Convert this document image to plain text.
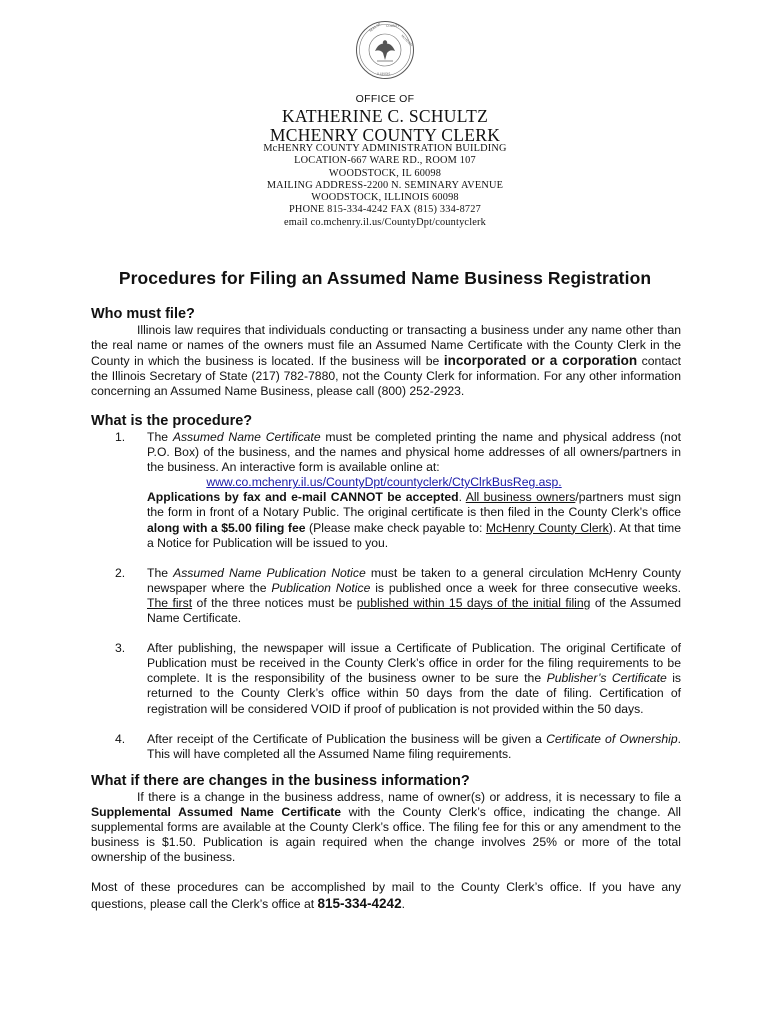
SEAL OF COUNTY
McHENRY
ILLINOIS
OFFICE OF
KATHERINE C. SCHULTZ
MCHENRY COUNTY CLERK
McHENRY COUNTY ADMINISTRATION BUILDING
LOCATION-667 WARE RD., ROOM 107
WOODSTOCK, IL 60098
MAILING ADDRESS-2200 N. SEMINARY AVENUE
WOODSTOCK, ILLINOIS 60098
PHONE 815-334-4242 FAX (815) 334-8727
email co.mchenry.il.us/CountyDpt/countyclerk
Procedures for Filing an Assumed Name Business Registration
Who must file?

Illinois law requires that individuals conducting or transacting a business under any name other than the real name or names of the owners must file an Assumed Name Certificate with the County Clerk in the County in which the business is located. If the business will be incorporated or a corporation contact the Illinois Secretary of State (217) 782-7880, not the County Clerk for information. For any other information concerning an Assumed Name Business, please call (800) 252-2923.

What is the procedure?
1. The Assumed Name Certificate must be completed printing the name and physical address (not P.O. Box) of the business, and the names and physical home addresses of all owners/partners in the business. An interactive form is available online at:
www.co.mchenry.il.us/CountyDpt/countyclerk/CtyClrkBusReg.asp.
Applications by fax and e-mail CANNOT be accepted. All business owners/partners must sign the form in front of a Notary Public. The original certificate is then filed in the County Clerk’s office along with a $5.00 filing fee (Please make check payable to: McHenry County Clerk). At that time a Notice for Publication will be issued to you.
2. The Assumed Name Publication Notice must be taken to a general circulation McHenry County newspaper where the Publication Notice is published once a week for three consecutive weeks. The first of the three notices must be published within 15 days of the initial filing of the Assumed Name Certificate.
3. After publishing, the newspaper will issue a Certificate of Publication. The original Certificate of Publication must be received in the County Clerk’s office in order for the filing requirements to be complete. It is the responsibility of the business owner to be sure the Publisher’s Certificate is returned to the County Clerk’s office within 50 days from the date of filing. Certification of registration will be considered VOID if proof of publication is not provided within the 50 days.
4. After receipt of the Certificate of Publication the business will be given a Certificate of Ownership. This will have completed all the Assumed Name filing requirements.
What if there are changes in the business information?

If there is a change in the business address, name of owner(s) or address, it is necessary to file a Supplemental Assumed Name Certificate with the County Clerk’s office, indicating the change. All supplemental forms are available at the County Clerk’s office. The filing fee for this or any amendment to the business is $1.50. Publication is again required when the change involves 25% or more of the total ownership of the business.

Most of these procedures can be accomplished by mail to the County Clerk’s office. If you have any questions, please call the Clerk’s office at 815-334-4242.
